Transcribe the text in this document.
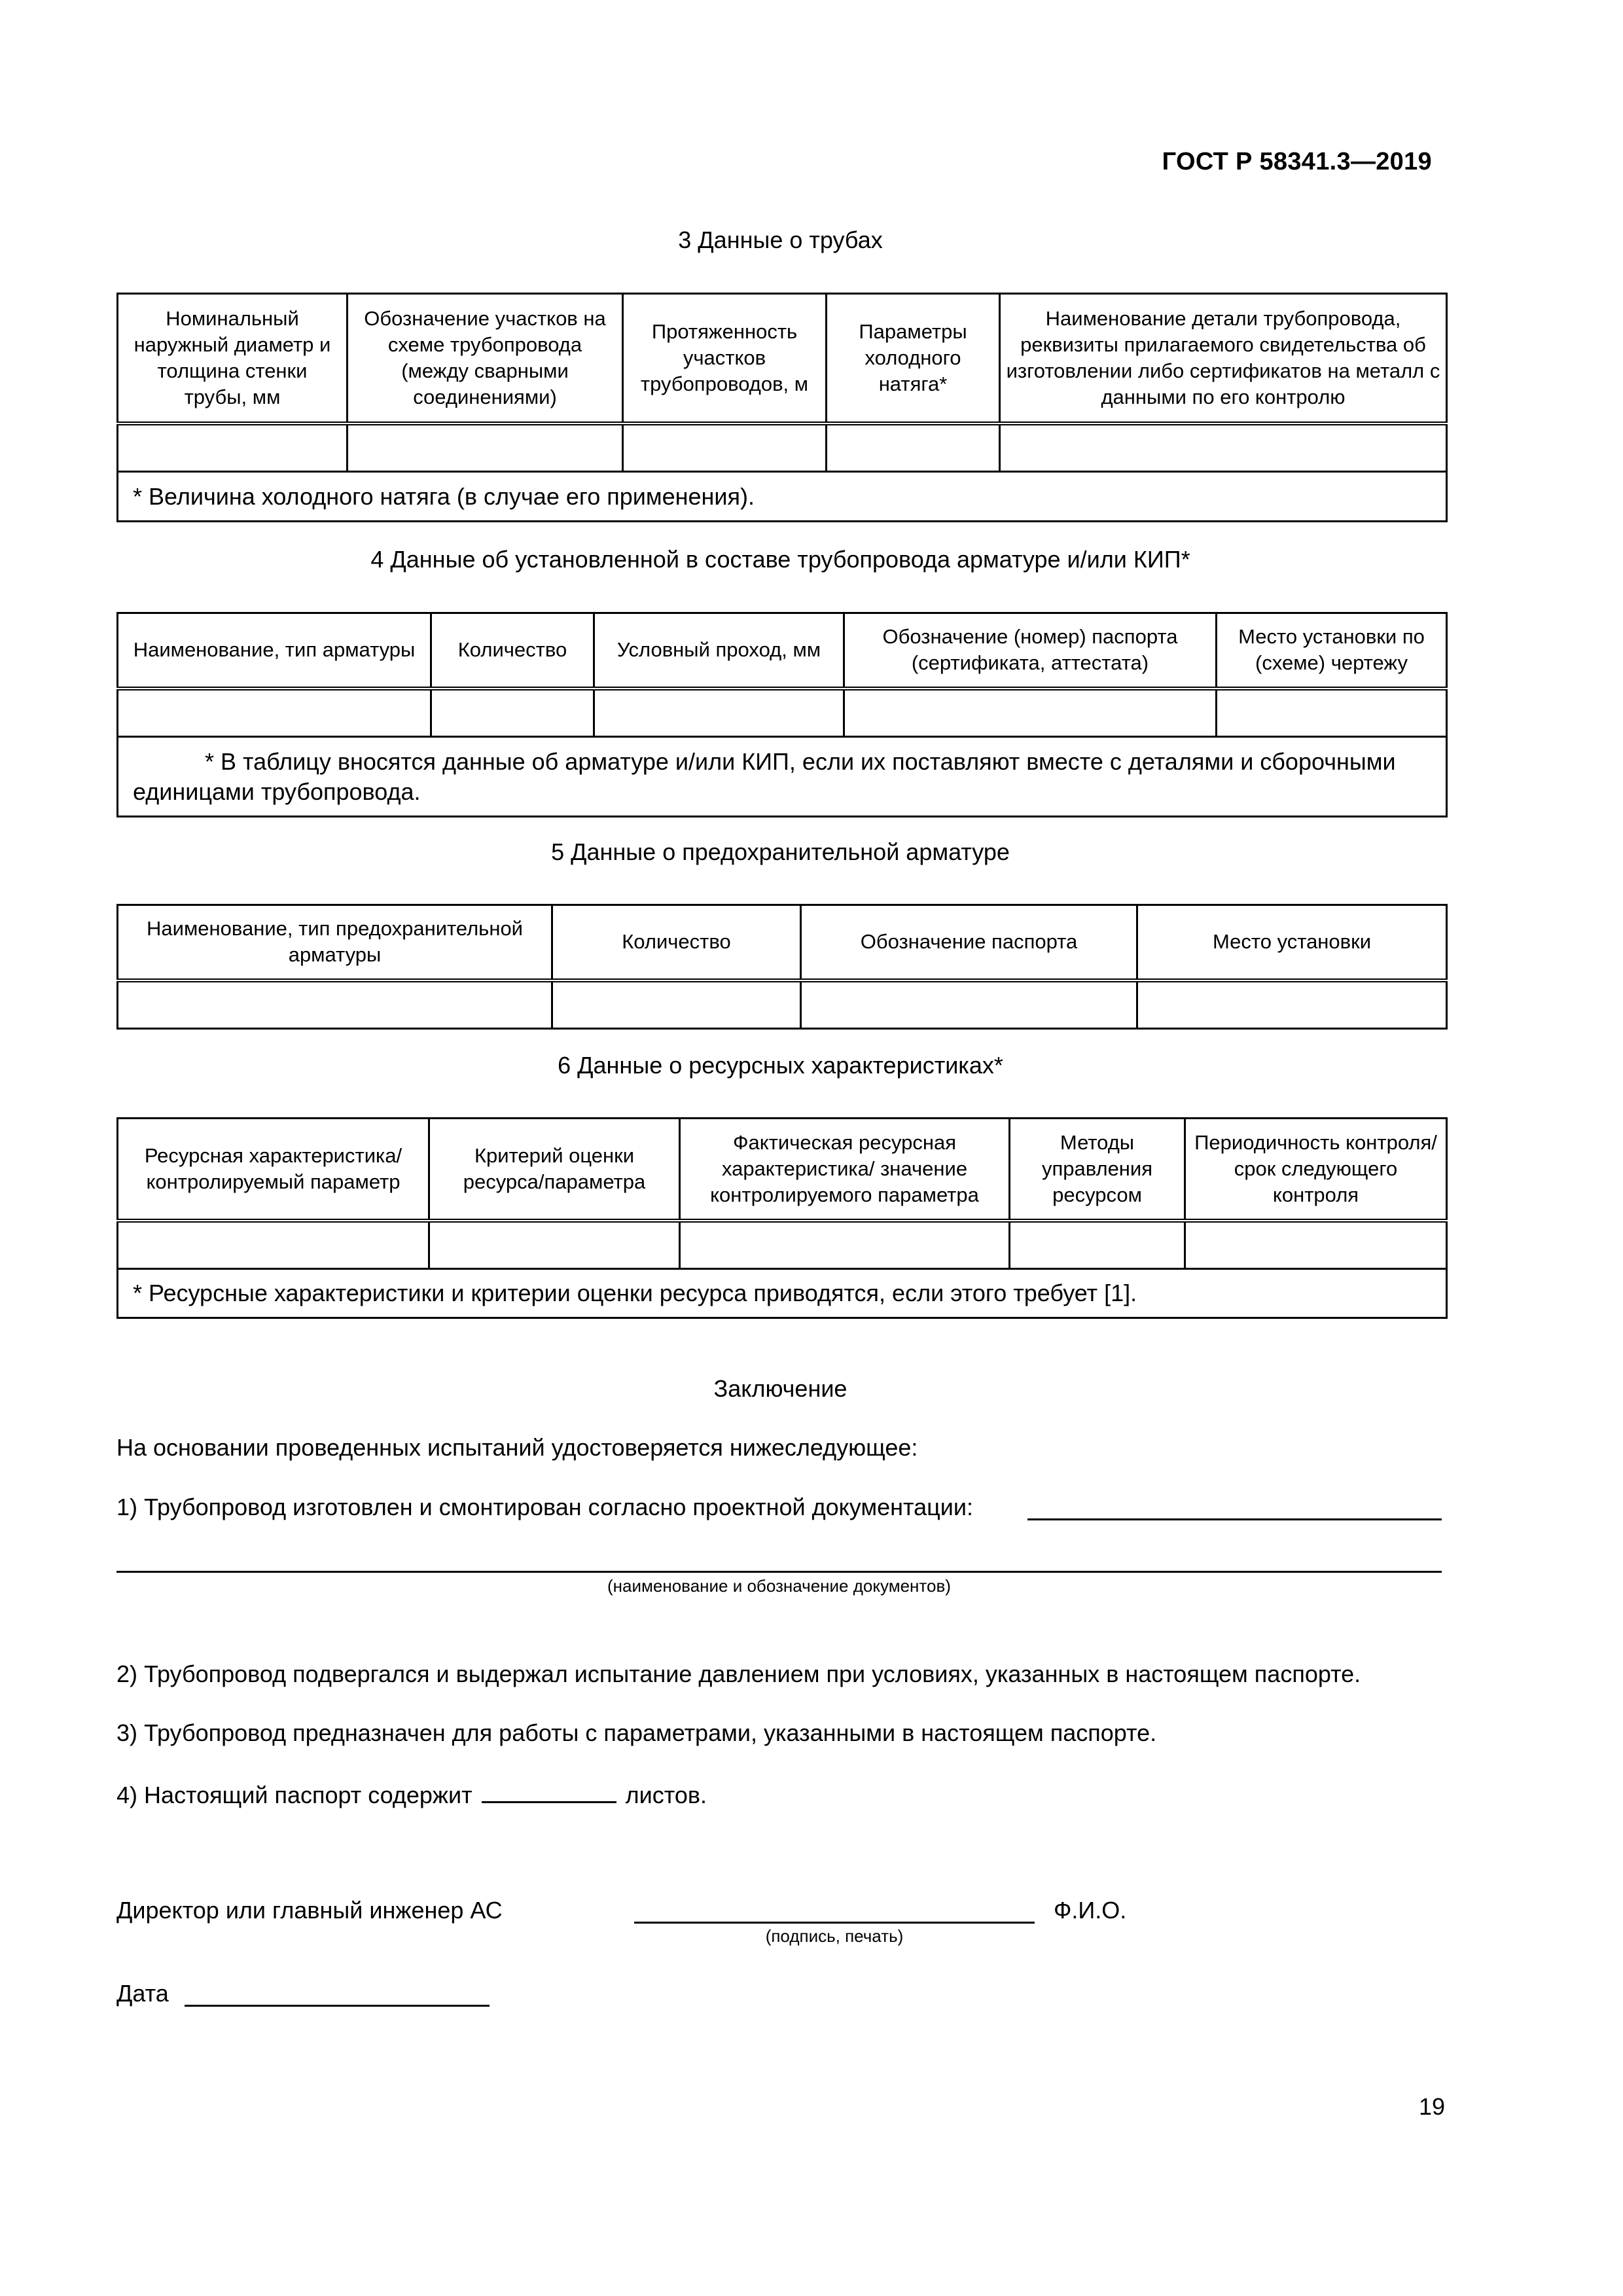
ГОСТ Р 58341.3—2019
3 Данные о трубах
Номинальный наружный диаметр и толщина стенки трубы, мм	Обозначение участков на схеме трубопровода (между сварными соединениями)	Протяженность участков трубопроводов, м	Параметры холодного натяга*	Наименование детали трубопровода, реквизиты прилагаемого свидетельства об изготовлении либо сертификатов на металл с данными по его контролю

* Величина холодного натяга (в случае его применения).				
4 Данные об установленной в составе трубопровода арматуре и/или КИП*
Наименование, тип арматуры	Количество	Условный проход, мм	Обозначение (номер) паспорта (сертификата, аттестата)	Место установки по (схеме) чертежу

* В таблицу вносятся данные об арматуре и/или КИП, если их поставляют вместе с деталями и сборочными единицами трубопровода.				
5 Данные о предохранительной арматуре
Наименование, тип предохранительной арматуры	Количество	Обозначение паспорта	Место установки

6 Данные о ресурсных характеристиках*
Ресурсная характеристика/ контролируемый параметр	Критерий оценки ресурса/параметра	Фактическая ресурсная характеристика/ значение контролируемого параметра	Методы управления ресурсом	Периодичность контроля/срок следующего контроля

* Ресурсные характеристики и критерии оценки ресурса приводятся, если этого требует [1].				
Заключение
На основании проведенных испытаний удостоверяется нижеследующее:
1) Трубопровод изготовлен и смонтирован согласно проектной документации:
(наименование и обозначение документов)
2) Трубопровод подвергался и выдержал испытание давлением при условиях, указанных в настоящем паспорте.
3) Трубопровод предназначен для работы с параметрами, указанными в настоящем паспорте.
4) Настоящий паспорт содержит	листов.
Директор или главный инженер АС
(подпись, печать)
Ф.И.О.
Дата
19
